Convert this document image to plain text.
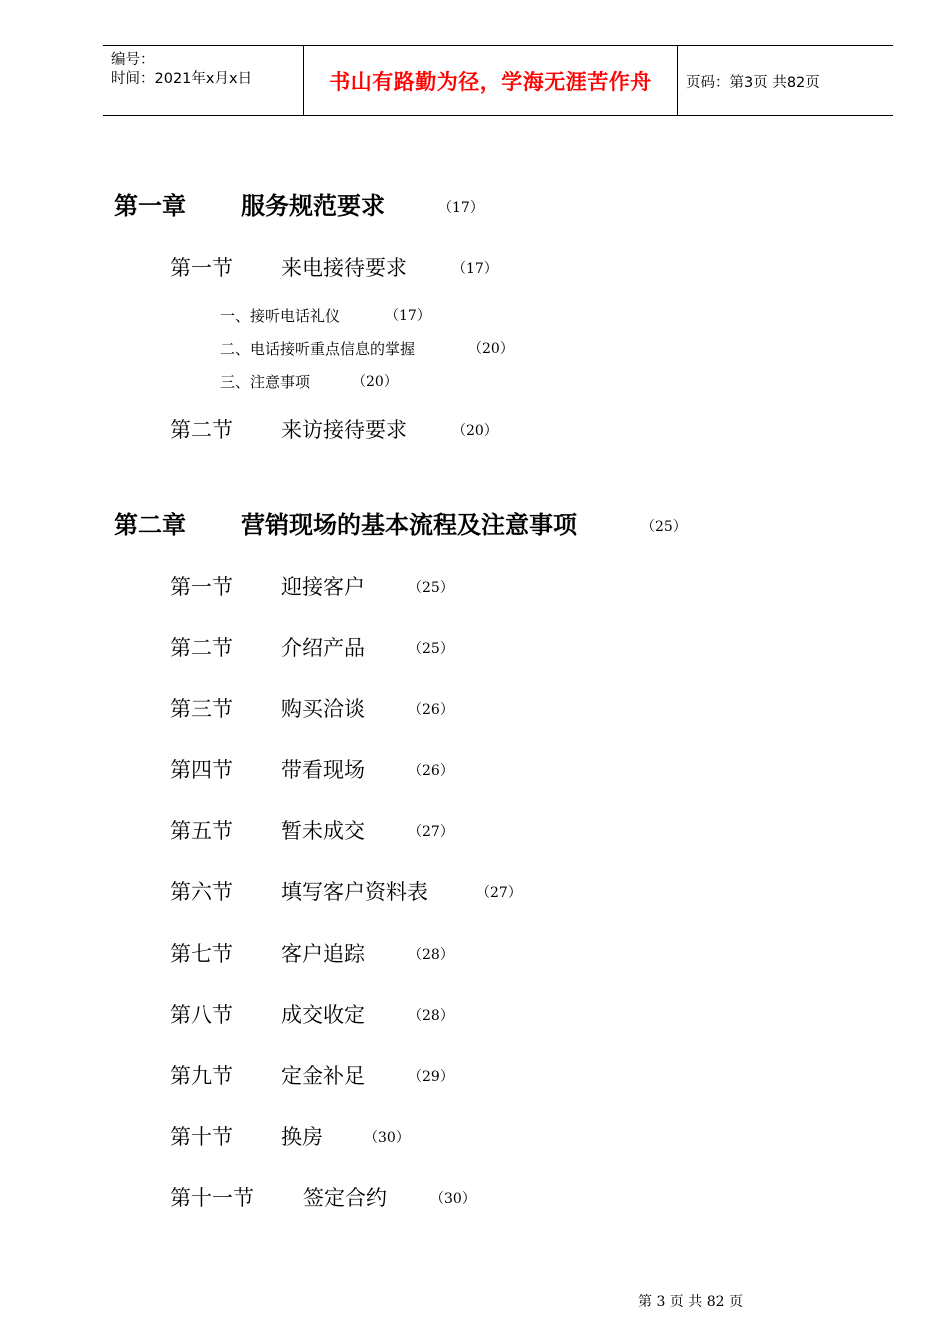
编号：
时间：2021年x月x日	书山有路勤为径，学海无涯苦作舟	页码：第3页 共82页
第一章 服务规范要求	（17）
第一节 来电接待要求	（17）
一、接听电话礼仪	（17）
二、电话接听重点信息的掌握	（20）
三、注意事项	（20）
第二节 来访接待要求	（20）
第二章 营销现场的基本流程及注意事项	（25）
第一节 迎接客户	（25）
第二节 介绍产品	（25）
第三节 购买洽谈	（26）
第四节 带看现场	（26）
第五节 暂未成交	（27）
第六节 填写客户资料表	（27）
第七节 客户追踪	（28）
第八节 成交收定	（28）
第九节 定金补足	（29）
第十节 换房	（30）
第十一节 签定合约	（30）
第 3 页 共 82 页
